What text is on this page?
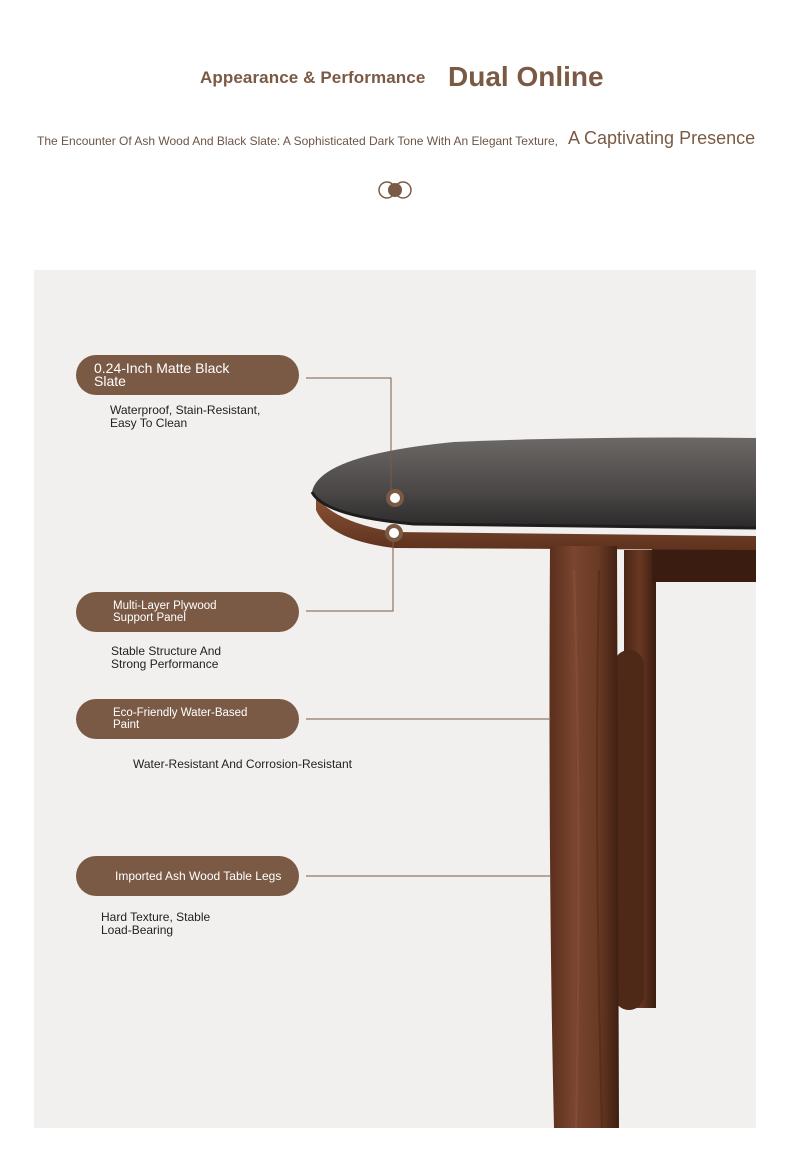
Appearance & Performance Dual Online
The Encounter Of Ash Wood And Black Slate: A Sophisticated Dark Tone With An Elegant Texture, A Captivating Presence
0.24-Inch Matte Black
Slate
Waterproof, Stain-Resistant,
Easy To Clean
Multi-Layer Plywood
Support Panel
Stable Structure And
Strong Performance
Eco-Friendly Water-Based
Paint
Water-Resistant And Corrosion-Resistant
Imported Ash Wood Table Legs
Hard Texture, Stable
Load-Bearing
